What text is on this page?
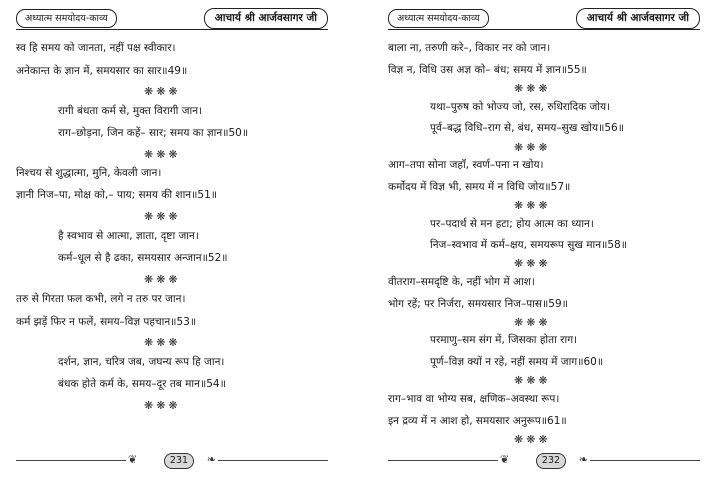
अध्यात्म समयोदय-काव्य	आचार्य श्री आर्जवसागर जी
स्व हि समय को जानता, नहीं पक्ष स्वीकार।
अनेकान्त के ज्ञान में, समयसार का सार॥49॥
❋❋❋
रागी बंधता कर्म से, मुक्त विरागी जान।
राग–छोड़ना, जिन कहें– सार; समय का ज्ञान॥50॥
❋❋❋
निश्चय से शुद्धात्मा, मुनि, केवली जान।
ज्ञानी निज–पा, मोक्ष को,– पाय; समय की शान॥51॥
❋❋❋
है स्वभाव से आत्मा, ज्ञाता, दृष्टा जान।
कर्म–धूल से है ढका, समयसार अन्जान॥52॥
❋❋❋
तरु से गिरता फल कभी, लगे न तरु पर जान।
कर्म झड़ें फिर न फलें, समय–विज्ञ पहचान॥53॥
❋❋❋
दर्शन, ज्ञान, चरित्र जब, जघन्य रूप हि जान।
बंधक होते कर्म के, समय–दूर तब मान॥54॥
❋❋❋
❦	231	❧
अध्यात्म समयोदय-काव्य	आचार्य श्री आर्जवसागर जी
बाला ना, तरुणी करे–, विकार नर को जान।
विज्ञ न, विधि उस अज्ञ को– बंध; समय में ज्ञान॥55॥
❋❋❋
यथा–पुरुष को भोज्य जो, रस, रुधिरादिक जोय।
पूर्व–बद्ध विधि–राग से, बंध, समय–सुख खोय॥56॥
❋❋❋
आग–तपा सोना जहाँ, स्वर्ण–पना न खोय।
कर्मोदय में विज्ञ भी, समय में न विधि जोय॥57॥
❋❋❋
पर–पदार्थ से मन हटा; होय आत्म का ध्यान।
निज–स्वभाव में कर्म–क्षय, समयरूप सुख मान॥58॥
❋❋❋
वीतराग–समदृष्टि के, नहीं भोग में आश।
भोग रहें; पर निर्जरा, समयसार निज–पास॥59॥
❋❋❋
परमाणु–सम संग में, जिसका होता राग।
पूर्ण–विज्ञ क्यों न रहे, नहीं समय में जाग॥60॥
❋❋❋
राग–भाव वा भोग्य सब, क्षणिक–अवस्था रूप।
इन द्रव्य में न आश हो, समयसार अनुरूप॥61॥
❋❋❋
❦	232	❧
